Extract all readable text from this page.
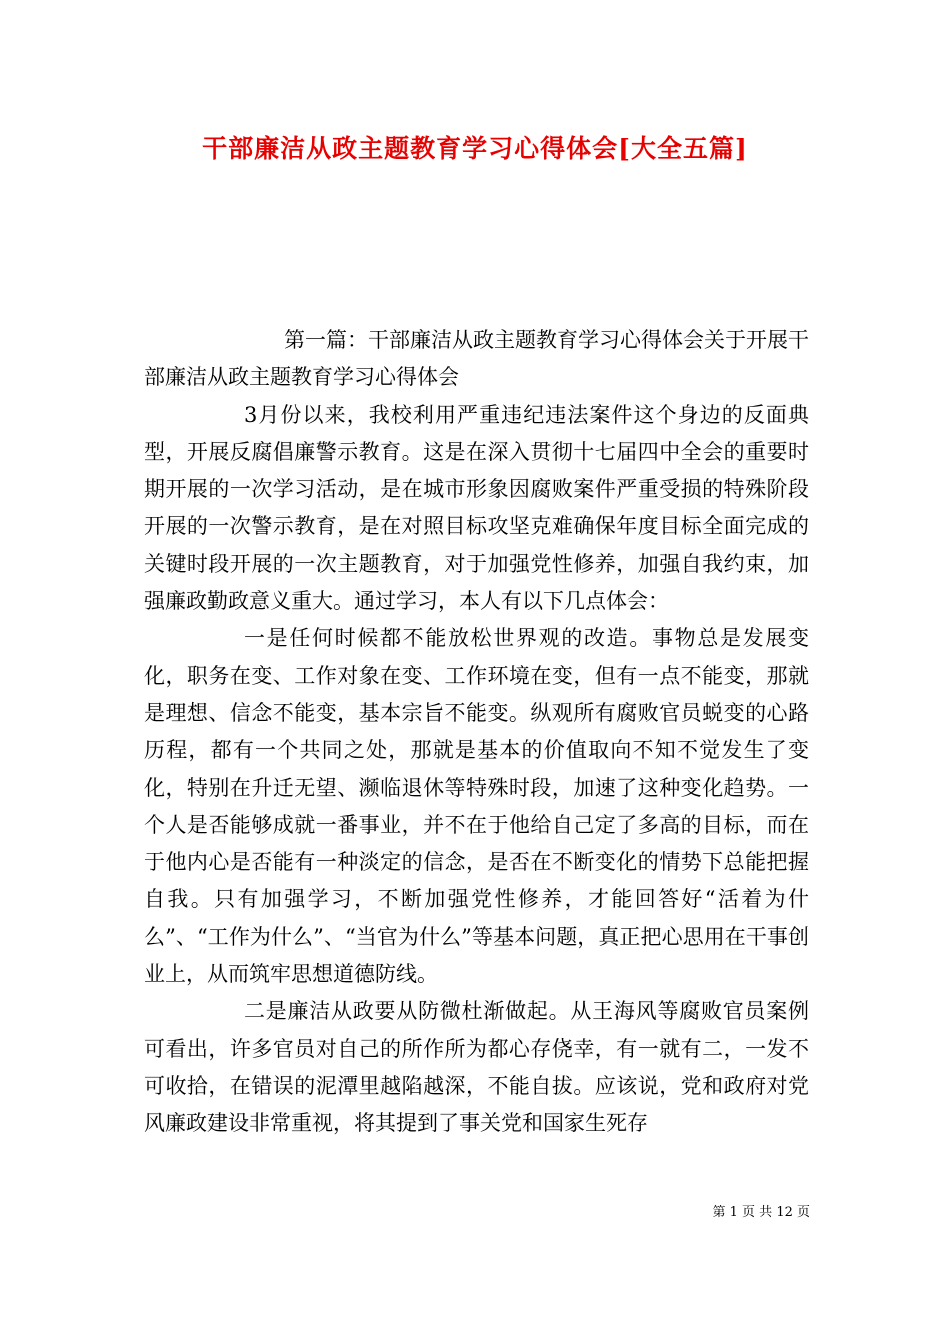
干部廉洁从政主题教育学习心得体会[大全五篇]

第一篇：干部廉洁从政主题教育学习心得体会关于开展干部廉洁从政主题教育学习心得体会

3月份以来，我校利用严重违纪违法案件这个身边的反面典型，开展反腐倡廉警示教育。这是在深入贯彻十七届四中全会的重要时期开展的一次学习活动，是在城市形象因腐败案件严重受损的特殊阶段开展的一次警示教育，是在对照目标攻坚克难确保年度目标全面完成的关键时段开展的一次主题教育，对于加强党性修养，加强自我约束，加强廉政勤政意义重大。通过学习，本人有以下几点体会：

一是任何时候都不能放松世界观的改造。事物总是发展变化，职务在变、工作对象在变、工作环境在变，但有一点不能变，那就是理想、信念不能变，基本宗旨不能变。纵观所有腐败官员蜕变的心路历程，都有一个共同之处，那就是基本的价值取向不知不觉发生了变化，特别在升迁无望、濒临退休等特殊时段，加速了这种变化趋势。一个人是否能够成就一番事业，并不在于他给自己定了多高的目标，而在于他内心是否能有一种淡定的信念，是否在不断变化的情势下总能把握自我。只有加强学习，不断加强党性修养，才能回答好“活着为什么”、“工作为什么”、“当官为什么”等基本问题，真正把心思用在干事创业上，从而筑牢思想道德防线。

二是廉洁从政要从防微杜渐做起。从王海风等腐败官员案例可看出，许多官员对自己的所作所为都心存侥幸，有一就有二，一发不可收拾，在错误的泥潭里越陷越深，不能自拔。应该说，党和政府对党风廉政建设非常重视，将其提到了事关党和国家生死存

第 1 页 共 12 页
